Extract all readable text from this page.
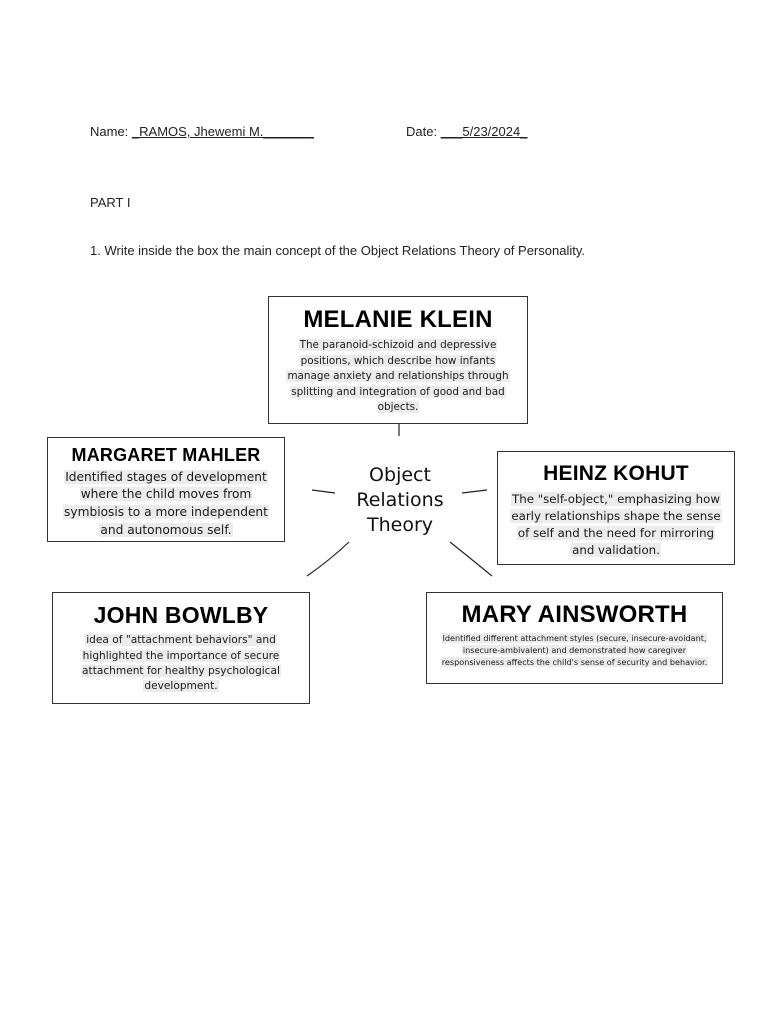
Name: _RAMOS, Jhewemi M._______	Date: ___5/23/2024_
PART I
1. Write inside the box the main concept of the Object Relations Theory of Personality.
Object
Relations
Theory
MELANIE KLEIN
The paranoid-schizoid and depressive positions, which describe how infants manage anxiety and relationships through splitting and integration of good and bad objects.
MARGARET MAHLER
Identified stages of development where the child moves from symbiosis to a more independent and autonomous self.
HEINZ KOHUT
The "self-object," emphasizing how early relationships shape the sense of self and the need for mirroring and validation.
JOHN BOWLBY
idea of "attachment behaviors" and highlighted the importance of secure attachment for healthy psychological development.
MARY AINSWORTH
Identified different attachment styles (secure, insecure-avoidant, insecure-ambivalent) and demonstrated how caregiver responsiveness affects the child's sense of security and behavior.
